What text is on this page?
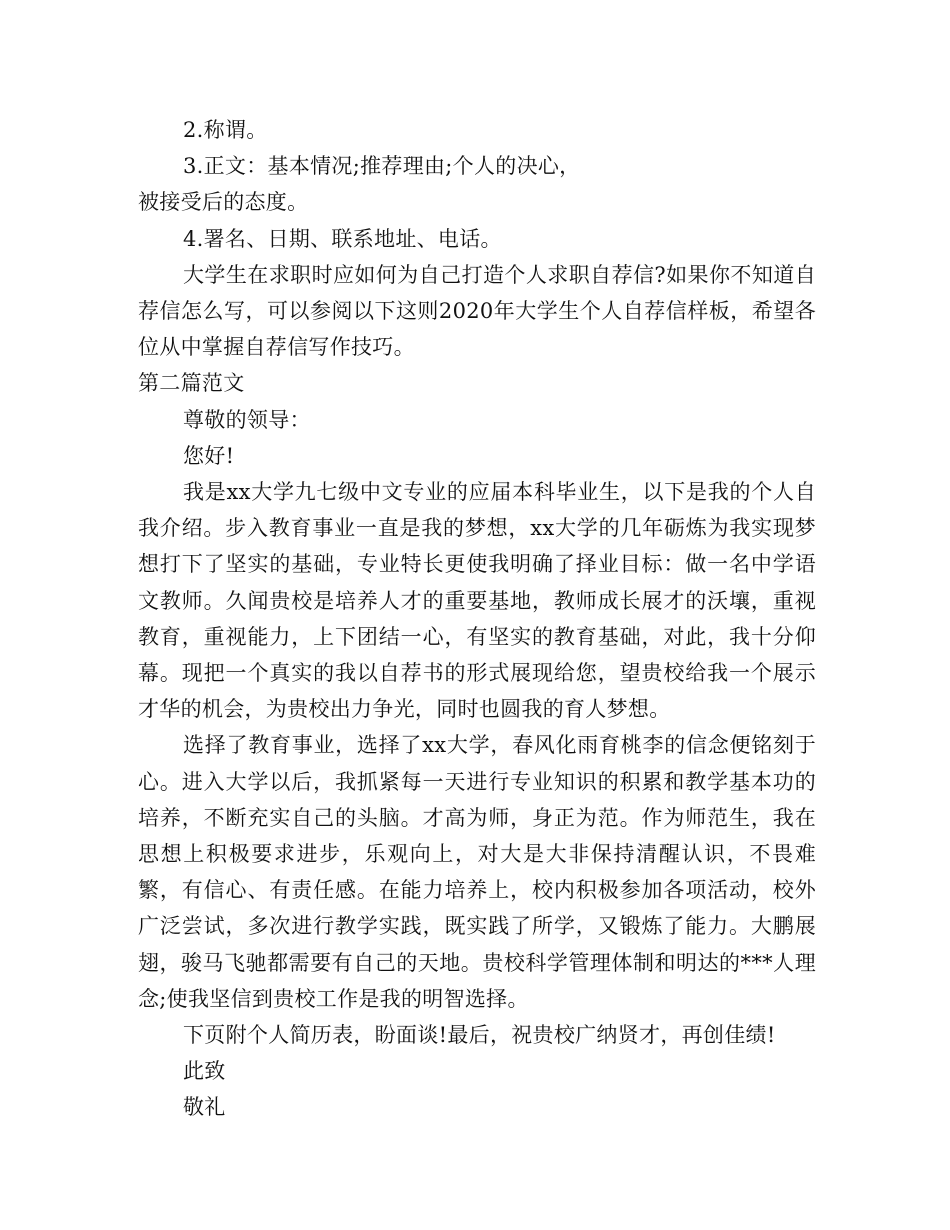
2.称谓。

3.正文：基本情况;推荐理由;个人的决心，

被接受后的态度。

4.署名、日期、联系地址、电话。

大学生在求职时应如何为自己打造个人求职自荐信?如果你不知道自荐信怎么写，可以参阅以下这则2020年大学生个人自荐信样板，希望各位从中掌握自荐信写作技巧。

第二篇范文

尊敬的领导：

您好!

我是xx大学九七级中文专业的应届本科毕业生，以下是我的个人自我介绍。步入教育事业一直是我的梦想，xx大学的几年砺炼为我实现梦想打下了坚实的基础，专业特长更使我明确了择业目标：做一名中学语文教师。久闻贵校是培养人才的重要基地，教师成长展才的沃壤，重视教育，重视能力，上下团结一心，有坚实的教育基础，对此，我十分仰幕。现把一个真实的我以自荐书的形式展现给您，望贵校给我一个展示才华的机会，为贵校出力争光，同时也圆我的育人梦想。

选择了教育事业，选择了xx大学，春风化雨育桃李的信念便铭刻于心。进入大学以后，我抓紧每一天进行专业知识的积累和教学基本功的培养，不断充实自己的头脑。才高为师，身正为范。作为师范生，我在思想上积极要求进步，乐观向上，对大是大非保持清醒认识，不畏难繁，有信心、有责任感。在能力培养上，校内积极参加各项活动，校外广泛尝试，多次进行教学实践，既实践了所学，又锻炼了能力。大鹏展翅，骏马飞驰都需要有自己的天地。贵校科学管理体制和明达的***人理念;使我坚信到贵校工作是我的明智选择。

下页附个人简历表，盼面谈!最后，祝贵校广纳贤才，再创佳绩!

此致

敬礼
